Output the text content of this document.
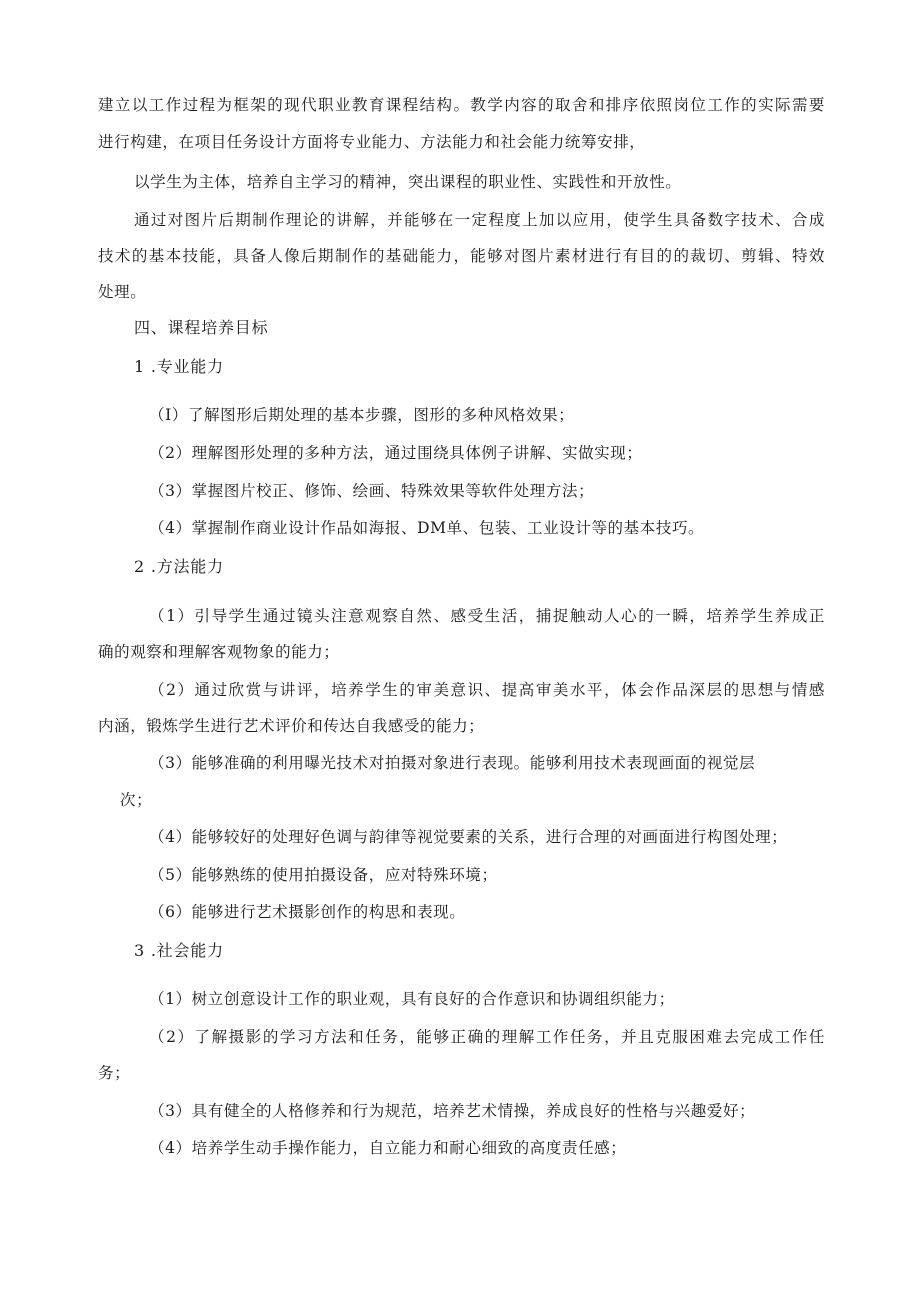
建立以工作过程为框架的现代职业教育课程结构。教学内容的取舍和排序依照岗位工作的实际需要
进行构建，在项目任务设计方面将专业能力、方法能力和社会能力统筹安排，
以学生为主体，培养自主学习的精神，突出课程的职业性、实践性和开放性。
通过对图片后期制作理论的讲解，并能够在一定程度上加以应用，使学生具备数字技术、合成
技术的基本技能，具备人像后期制作的基础能力，能够对图片素材进行有目的的裁切、剪辑、特效
处理。
四、课程培养目标
1 .专业能力
（I）了解图形后期处理的基本步骤，图形的多种风格效果；
（2）理解图形处理的多种方法，通过围绕具体例子讲解、实做实现；
（3）掌握图片校正、修饰、绘画、特殊效果等软件处理方法；
（4）掌握制作商业设计作品如海报、DM单、包装、工业设计等的基本技巧。
2 .方法能力
（1）引导学生通过镜头注意观察自然、感受生活，捕捉触动人心的一瞬，培养学生养成正
确的观察和理解客观物象的能力；
（2）通过欣赏与讲评，培养学生的审美意识、提高审美水平，体会作品深层的思想与情感
内涵，锻炼学生进行艺术评价和传达自我感受的能力；
（3）能够准确的利用曝光技术对拍摄对象进行表现。能够利用技术表现画面的视觉层
次；
（4）能够较好的处理好色调与韵律等视觉要素的关系，进行合理的对画面进行构图处理；
（5）能够熟练的使用拍摄设备，应对特殊环境；
（6）能够进行艺术摄影创作的构思和表现。
3 .社会能力
（1）树立创意设计工作的职业观，具有良好的合作意识和协调组织能力；
（2）了解摄影的学习方法和任务，能够正确的理解工作任务，并且克服困难去完成工作任
务；
（3）具有健全的人格修养和行为规范，培养艺术情操，养成良好的性格与兴趣爱好；
（4）培养学生动手操作能力，自立能力和耐心细致的高度责任感；
